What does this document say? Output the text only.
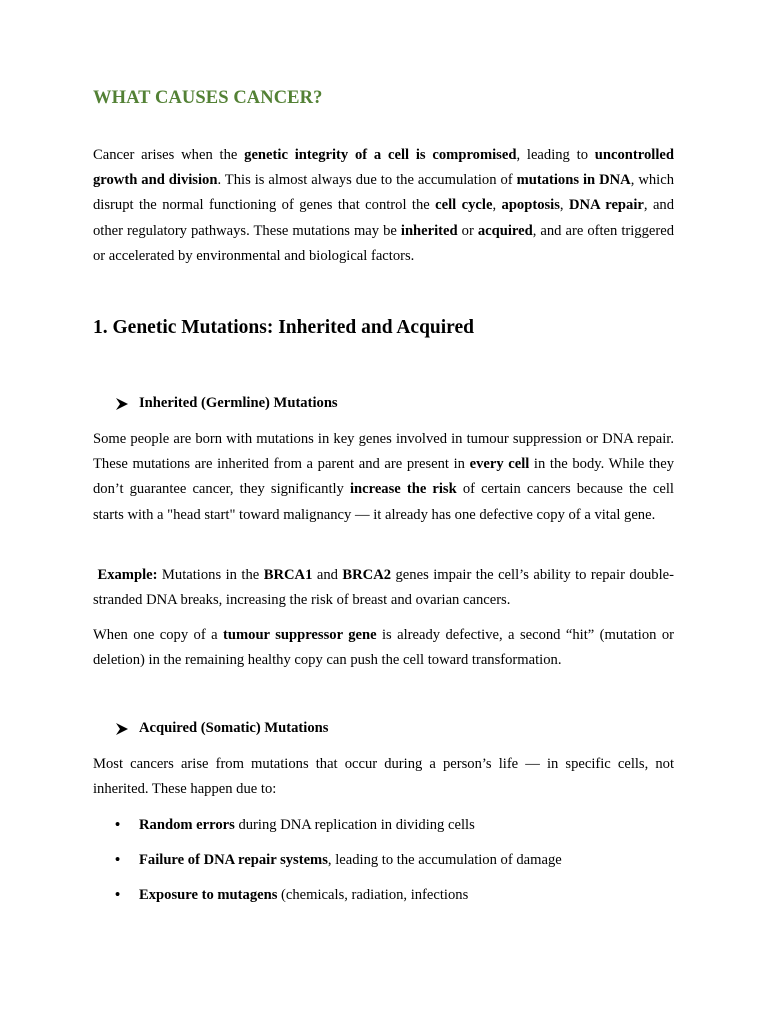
WHAT CAUSES CANCER?

Cancer arises when the genetic integrity of a cell is compromised, leading to uncontrolled growth and division. This is almost always due to the accumulation of mutations in DNA, which disrupt the normal functioning of genes that control the cell cycle, apoptosis, DNA repair, and other regulatory pathways. These mutations may be inherited or acquired, and are often triggered or accelerated by environmental and biological factors.

1. Genetic Mutations: Inherited and Acquired
Inherited (Germline) Mutations

Some people are born with mutations in key genes involved in tumour suppression or DNA repair. These mutations are inherited from a parent and are present in every cell in the body. While they don’t guarantee cancer, they significantly increase the risk of certain cancers because the cell starts with a "head start" toward malignancy — it already has one defective copy of a vital gene.

Example: Mutations in the BRCA1 and BRCA2 genes impair the cell’s ability to repair double-stranded DNA breaks, increasing the risk of breast and ovarian cancers.

When one copy of a tumour suppressor gene is already defective, a second “hit” (mutation or deletion) in the remaining healthy copy can push the cell toward transformation.

Acquired (Somatic) Mutations

Most cancers arise from mutations that occur during a person’s life — in specific cells, not inherited. These happen due to:

• Random errors during DNA replication in dividing cells

• Failure of DNA repair systems, leading to the accumulation of damage

• Exposure to mutagens (chemicals, radiation, infections
